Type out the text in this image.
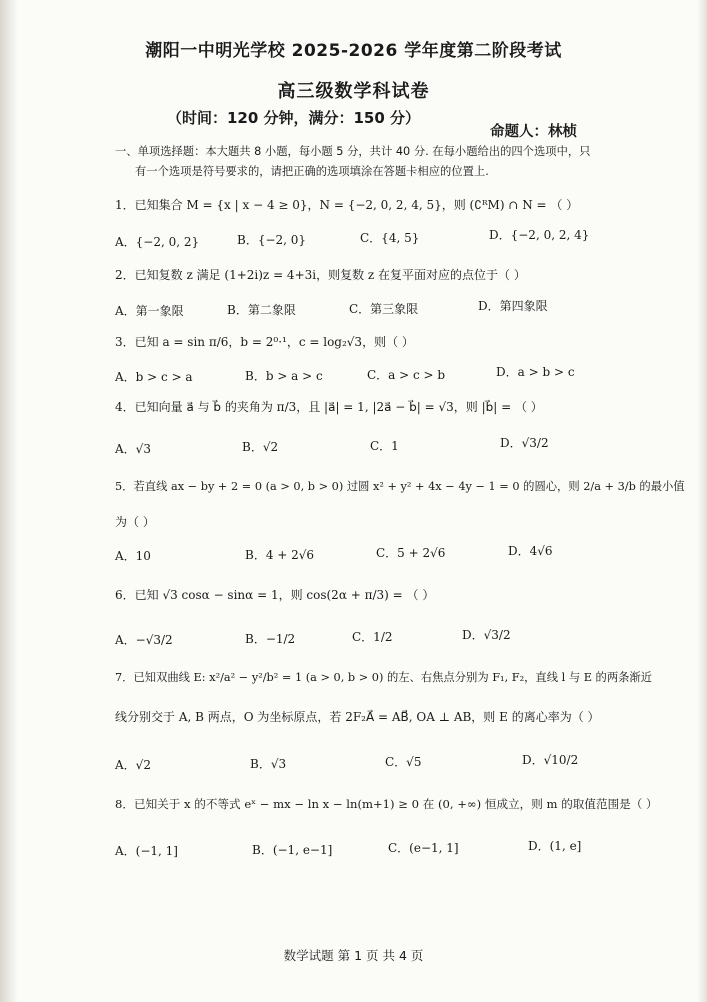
潮阳一中明光学校 2025-2026 学年度第二阶段考试
高三级数学科试卷
（时间：120 分钟，满分：150 分）
命题人：林桢
一、单项选择题：本大题共 8 小题，每小题 5 分，共计 40 分. 在每小题给出的四个选项中，只
有一个选项是符号要求的，请把正确的选项填涂在答题卡相应的位置上.
1．已知集合 M = {x | x − 4 ≥ 0}，N = {−2, 0, 2, 4, 5}，则 (∁ᴿM) ∩ N = （ ）
A．{−2, 0, 2}	B．{−2, 0}	C．{4, 5}	D．{−2, 0, 2, 4}
2．已知复数 z 满足 (1+2i)z = 4+3i，则复数 z 在复平面对应的点位于（ ）
A．第一象限	B．第二象限	C．第三象限	D．第四象限
3．已知 a = sin π/6，b = 2⁰·¹，c = log₂√3，则（ ）
A．b > c > a	B．b > a > c	C．a > c > b	D．a > b > c
4．已知向量 a⃗ 与 b⃗ 的夹角为 π/3，且 |a⃗| = 1, |2a⃗ − b⃗| = √3，则 |b⃗| = （ ）
A．√3	B．√2	C．1	D．√3/2
5．若直线 ax − by + 2 = 0 (a > 0, b > 0) 过圆 x² + y² + 4x − 4y − 1 = 0 的圆心，则 2/a + 3/b 的最小值
为（ ）
A．10	B．4 + 2√6	C．5 + 2√6	D．4√6
6．已知 √3 cosα − sinα = 1，则 cos(2α + π/3) = （ ）
A．−√3/2	B．−1/2	C．1/2	D．√3/2
7．已知双曲线 E: x²/a² − y²/b² = 1 (a > 0, b > 0) 的左、右焦点分别为 F₁, F₂，直线 l 与 E 的两条渐近
线分别交于 A, B 两点，O 为坐标原点，若 2F₂A⃗ = AB⃗, OA ⊥ AB，则 E 的离心率为（ ）
A．√2	B．√3	C．√5	D．√10/2
8．已知关于 x 的不等式 eˣ − mx − ln x − ln(m+1) ≥ 0 在 (0, +∞) 恒成立，则 m 的取值范围是（ ）
A．(−1, 1]	B．(−1, e−1]	C．(e−1, 1]	D．(1, e]
数学试题 第 1 页 共 4 页
